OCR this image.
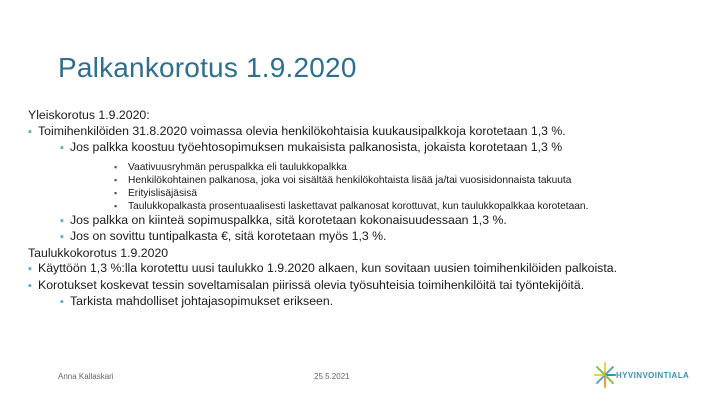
Palkankorotus 1.9.2020
Yleiskorotus 1.9.2020:
▪ Toimihenkilöiden 31.8.2020 voimassa olevia henkilökohtaisia kuukausipalkkoja korotetaan 1,3 %.
▪ Jos palkka koostuu työehtosopimuksen mukaisista palkanosista, jokaista korotetaan 1,3 %
▪ Vaativuusryhmän peruspalkka eli taulukkopalkka
▪ Henkilökohtainen palkanosa, joka voi sisältää henkilökohtaista lisää ja/tai vuosisidonnaista takuuta
▪ Erityislisäjäsisä
▪ Taulukkopalkasta prosentuaalisesti laskettavat palkanosat korottuvat, kun taulukkopalkkaa korotetaan.
▪ Jos palkka on kiinteä sopimuspalkka, sitä korotetaan kokonaisuudessaan 1,3 %.
▪ Jos on sovittu tuntipalkasta €, sitä korotetaan myös 1,3 %.
Taulukkokorotus 1.9.2020
▪ Käyttöön 1,3 %:lla korotettu uusi taulukko 1.9.2020 alkaen, kun sovitaan uusien toimihenkilöiden palkoista.
▪ Korotukset koskevat tessin soveltamisalan piirissä olevia työsuhteisia toimihenkilöitä tai työntekijöitä.
▪ Tarkista mahdolliset johtajasopimukset erikseen.
Anna Kallaskari	25.5.2021	HYVINVOINTIALA
